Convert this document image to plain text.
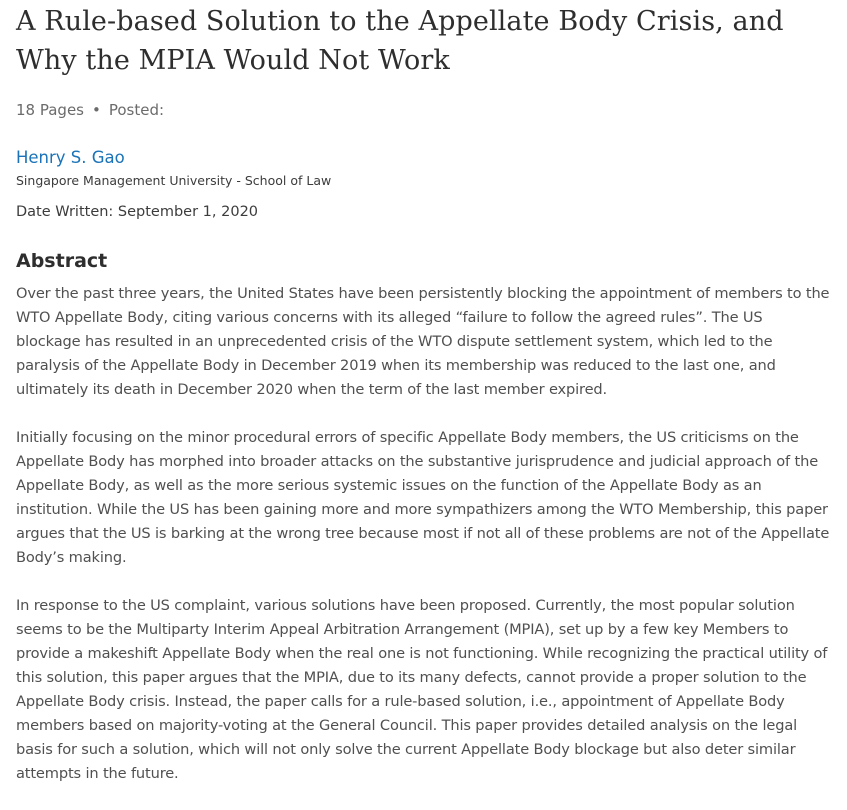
A Rule-based Solution to the Appellate Body Crisis, and Why the MPIA Would Not Work
18 Pages • Posted:
Henry S. Gao
Singapore Management University - School of Law
Date Written: September 1, 2020
Abstract

Over the past three years, the United States have been persistently blocking the appointment of members to the WTO Appellate Body, citing various concerns with its alleged “failure to follow the agreed rules”. The US blockage has resulted in an unprecedented crisis of the WTO dispute settlement system, which led to the paralysis of the Appellate Body in December 2019 when its membership was reduced to the last one, and ultimately its death in December 2020 when the term of the last member expired.

Initially focusing on the minor procedural errors of specific Appellate Body members, the US criticisms on the Appellate Body has morphed into broader attacks on the substantive jurisprudence and judicial approach of the Appellate Body, as well as the more serious systemic issues on the function of the Appellate Body as an institution. While the US has been gaining more and more sympathizers among the WTO Membership, this paper argues that the US is barking at the wrong tree because most if not all of these problems are not of the Appellate Body’s making.

In response to the US complaint, various solutions have been proposed. Currently, the most popular solution seems to be the Multiparty Interim Appeal Arbitration Arrangement (MPIA), set up by a few key Members to provide a makeshift Appellate Body when the real one is not functioning. While recognizing the practical utility of this solution, this paper argues that the MPIA, due to its many defects, cannot provide a proper solution to the Appellate Body crisis. Instead, the paper calls for a rule-based solution, i.e., appointment of Appellate Body members based on majority-voting at the General Council. This paper provides detailed analysis on the legal basis for such a solution, which will not only solve the current Appellate Body blockage but also deter similar attempts in the future.
